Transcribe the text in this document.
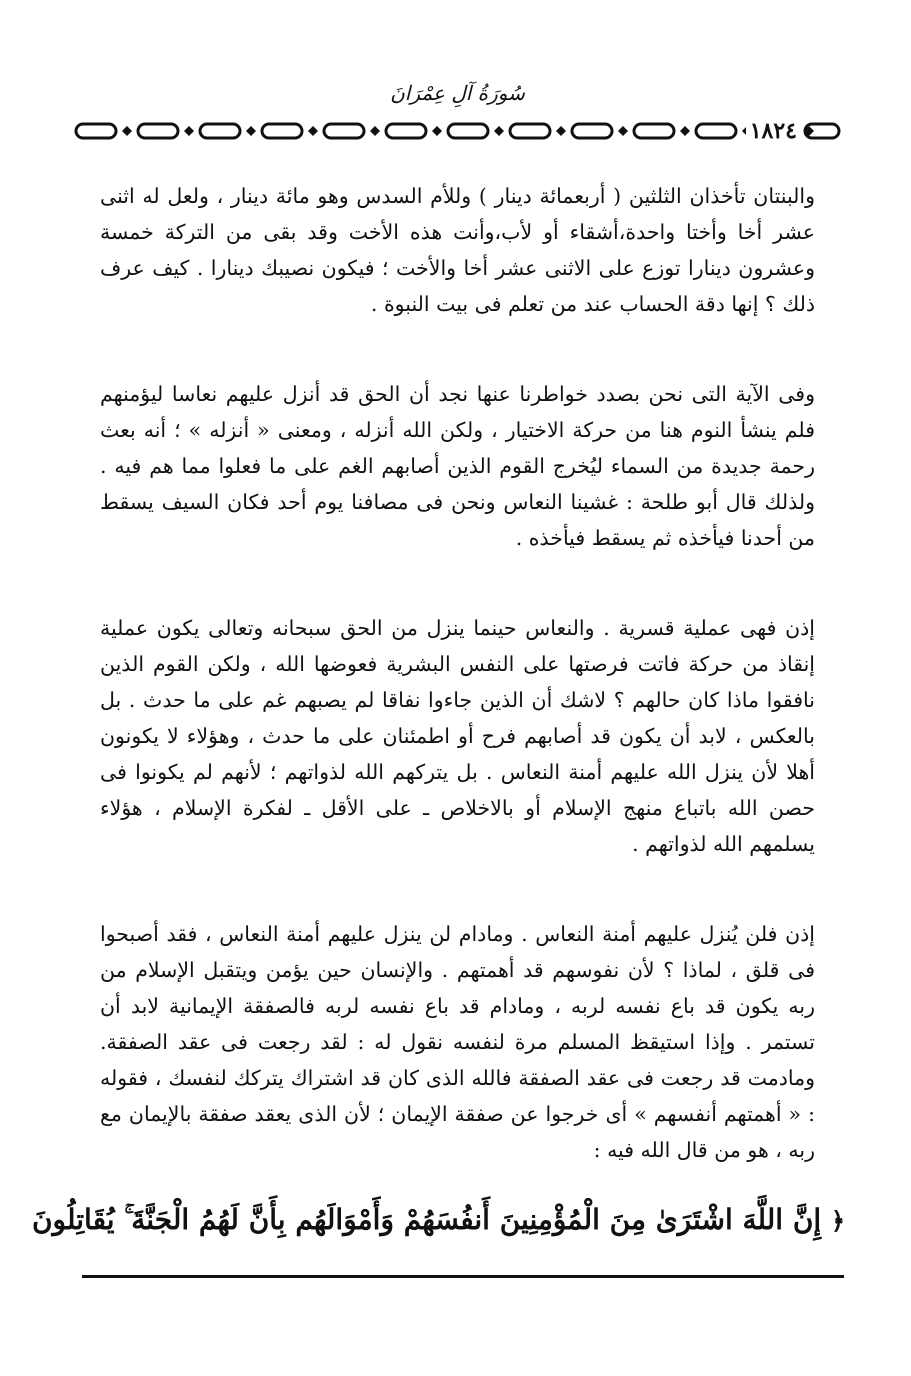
سُورَةُ آلِ عِمْرَانَ
١٨٢٤

والبنتان تأخذان الثلثين ( أربعمائة دينار ) وللأم السدس وهو مائة دينار ، ولعل له اثنى عشر أخا وأختا واحدة،أشقاء أو لأب،وأنت هذه الأخت وقد بقى من التركة خمسة وعشرون دينارا توزع على الاثنى عشر أخا والأخت ؛ فيكون نصيبك دينارا . كيف عرف ذلك ؟ إنها دقة الحساب عند من تعلم فى بيت النبوة .

وفى الآية التى نحن بصدد خواطرنا عنها نجد أن الحق قد أنزل عليهم نعاسا ليؤمنهم فلم ينشأ النوم هنا من حركة الاختيار ، ولكن الله أنزله ، ومعنى « أنزله » ؛ أنه بعث رحمة جديدة من السماء ليُخرج القوم الذين أصابهم الغم على ما فعلوا مما هم فيه . ولذلك قال أبو طلحة : غشينا النعاس ونحن فى مصافنا يوم أحد فكان السيف يسقط من أحدنا فيأخذه ثم يسقط فيأخذه .

إذن فهى عملية قسرية . والنعاس حينما ينزل من الحق سبحانه وتعالى يكون عملية إنقاذ من حركة فاتت فرصتها على النفس البشرية فعوضها الله ، ولكن القوم الذين نافقوا ماذا كان حالهم ؟ لاشك أن الذين جاءوا نفاقا لم يصبهم غم على ما حدث . بل بالعكس ، لابد أن يكون قد أصابهم فرح أو اطمئنان على ما حدث ، وهؤلاء لا يكونون أهلا لأن ينزل الله عليهم أمنة النعاس . بل يتركهم الله لذواتهم ؛ لأنهم لم يكونوا فى حصن الله باتباع منهج الإسلام أو بالاخلاص ـ على الأقل ـ لفكرة الإسلام ، هؤلاء يسلمهم الله لذواتهم .

إذن فلن يُنزل عليهم أمنة النعاس . ومادام لن ينزل عليهم أمنة النعاس ، فقد أصبحوا فى قلق ، لماذا ؟ لأن نفوسهم قد أهمتهم . والإنسان حين يؤمن ويتقبل الإسلام من ربه يكون قد باع نفسه لربه ، ومادام قد باع نفسه لربه فالصفقة الإيمانية لابد أن تستمر . وإذا استيقظ المسلم مرة لنفسه نقول له : لقد رجعت فى عقد الصفقة. ومادمت قد رجعت فى عقد الصفقة فالله الذى كان قد اشتراك يتركك لنفسك ، فقوله : « أهمتهم أنفسهم » أى خرجوا عن صفقة الإيمان ؛ لأن الذى يعقد صفقة بالإيمان مع ربه ، هو من قال الله فيه :

﴿ إِنَّ اللَّهَ اشْتَرَىٰ مِنَ الْمُؤْمِنِينَ أَنفُسَهُمْ وَأَمْوَالَهُم بِأَنَّ لَهُمُ الْجَنَّةَ ۚ يُقَاتِلُونَ
